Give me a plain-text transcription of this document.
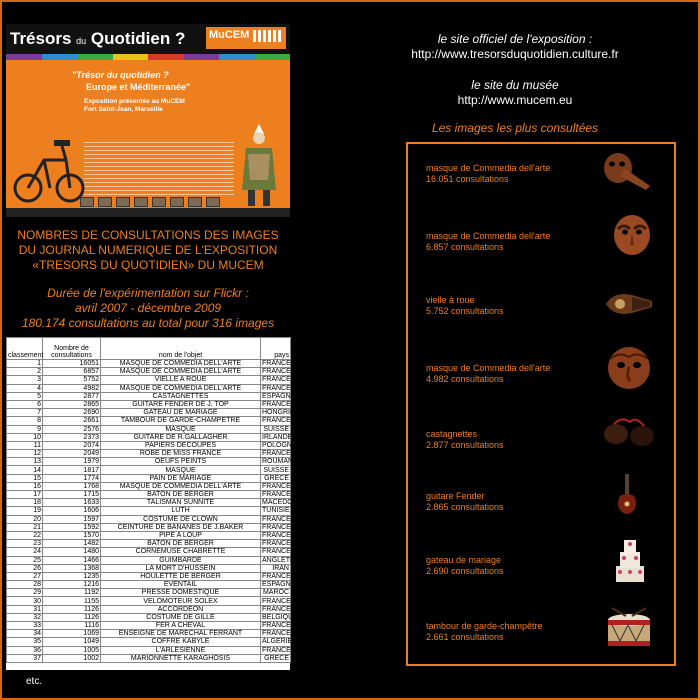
Trésors du Quotidien ? MuCEM
"Trésor du quotidien ?
Europe et Méditerranée"
Exposition présentée au MuCEM
Fort Saint-Jean, Marseille
NOMBRES DE CONSULTATIONS DES IMAGES
DU JOURNAL NUMERIQUE DE L'EXPOSITION
«TRESORS DU QUOTIDIEN» DU MUCEM
Durée de l'expérimentation sur Flickr :
avril 2007 - décembre 2009
180.174 consultations au total pour 316 images
classement	Nombre de consultations	nom de l'objet	pays
1	16051	MASQUE DE COMMEDIA DELL'ARTE	FRANCE
2	6857	MASQUE DE COMMEDIA DELL'ARTE	FRANCE
3	5752	VIELLE A ROUE	FRANCE
4	4982	MASQUE DE COMMEDIA DELL'ARTE	FRANCE
5	2877	CASTAGNETTES	ESPAGNE
6	2865	GUITARE FENDER DE J. TOP	FRANCE
7	2690	GATEAU DE MARIAGE	HONGRIE
8	2661	TAMBOUR DE GARDE-CHAMPETRE	FRANCE
9	2576	MASQUE	SUISSE
10	2373	GUITARE DE R.GALLAGHER	IRLANDE
11	2074	PAPIERS DECOUPES	POLOGNE
12	2049	ROBE DE MISS FRANCE	FRANCE
13	1979	OEUFS PEINTS	ROUMANIE
14	1817	MASQUE	SUISSE
15	1774	PAIN DE MARIAGE	GRECE
16	1768	MASQUE DE COMMEDIA DELL'ARTE	FRANCE
17	1715	BATON DE BERGER	FRANCE
18	1633	TALISMAN SUNNITE	MACEDOINE
19	1606	LUTH	TUNISIE
20	1597	COSTUME DE CLOWN	FRANCE
21	1592	CEINTURE DE BANANES DE J.BAKER	FRANCE
22	1570	PIPE A LOUP	FRANCE
23	1482	BATON DE BERGER	FRANCE
24	1480	CORNEMUSE CHABRETTE	FRANCE
25	1466	GUIMBARDE	ANGLETERRE
26	1368	LA MORT D'HUSSEIN	IRAN
27	1235	HOULETTE DE BERGER	FRANCE
28	1216	EVENTAIL	ESPAGNE
29	1192	PRESSE DOMESTIQUE	MAROC
30	1155	VELOMOTEUR SOLEX	FRANCE
31	1126	ACCORDEON	FRANCE
32	1126	COSTUME DE GILLE	BELGIQUE
33	1116	FER A CHEVAL	FRANCE
34	1069	ENSEIGNE DE MARECHAL FERRANT	FRANCE
35	1049	COFFRE KABYLE	ALGERIE
36	1005	L'ARLESIENNE	FRANCE
37	1002	MARIONNETTE KARAGHOSIS	GRECE
etc.
le site officiel de l'exposition :
http://www.tresorsduquotidien.culture.fr
le site du musée
http://www.mucem.eu
Les images les plus consultées
masque de Commedia dell'arte
16.051 consultations
masque de Commedia dell'arte
6.857 consultations
vielle à roue
5.752 consultations
masque de Commedia dell'arte
4.982 consultations
castagnettes
2.877 consultations
guitare Fender
2.865 consultations
gateau de mariage
2.690 consultations
tambour de garde-champêtre
2.661 consultations
